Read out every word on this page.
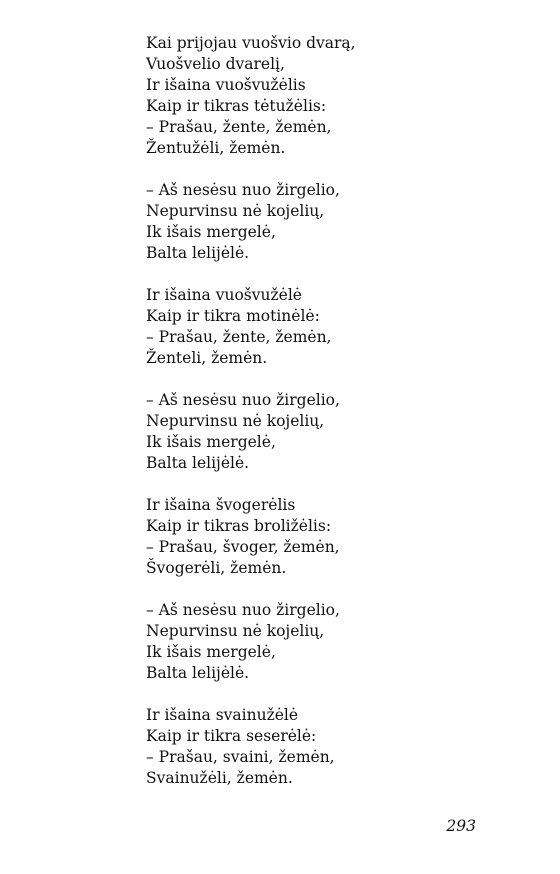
Kai prijojau vuošvio dvarą,
Vuošvelio dvarelį,
Ir išaina vuošvužėlis
Kaip ir tikras tėtužėlis:
– Prašau, žente, žemėn,
Žentužėli, žemėn.
– Aš nesėsu nuo žirgelio,
Nepurvinsu nė kojelių,
Ik išais mergelė,
Balta lelijėlė.
Ir išaina vuošvužėlė
Kaip ir tikra motinėlė:
– Prašau, žente, žemėn,
Ženteli, žemėn.
– Aš nesėsu nuo žirgelio,
Nepurvinsu nė kojelių,
Ik išais mergelė,
Balta lelijėlė.
Ir išaina švogerėlis
Kaip ir tikras broližėlis:
– Prašau, švoger, žemėn,
Švogerėli, žemėn.
– Aš nesėsu nuo žirgelio,
Nepurvinsu nė kojelių,
Ik išais mergelė,
Balta lelijėlė.
Ir išaina svainužėlė
Kaip ir tikra seserėlė:
– Prašau, svaini, žemėn,
Svainužėli, žemėn.
293
